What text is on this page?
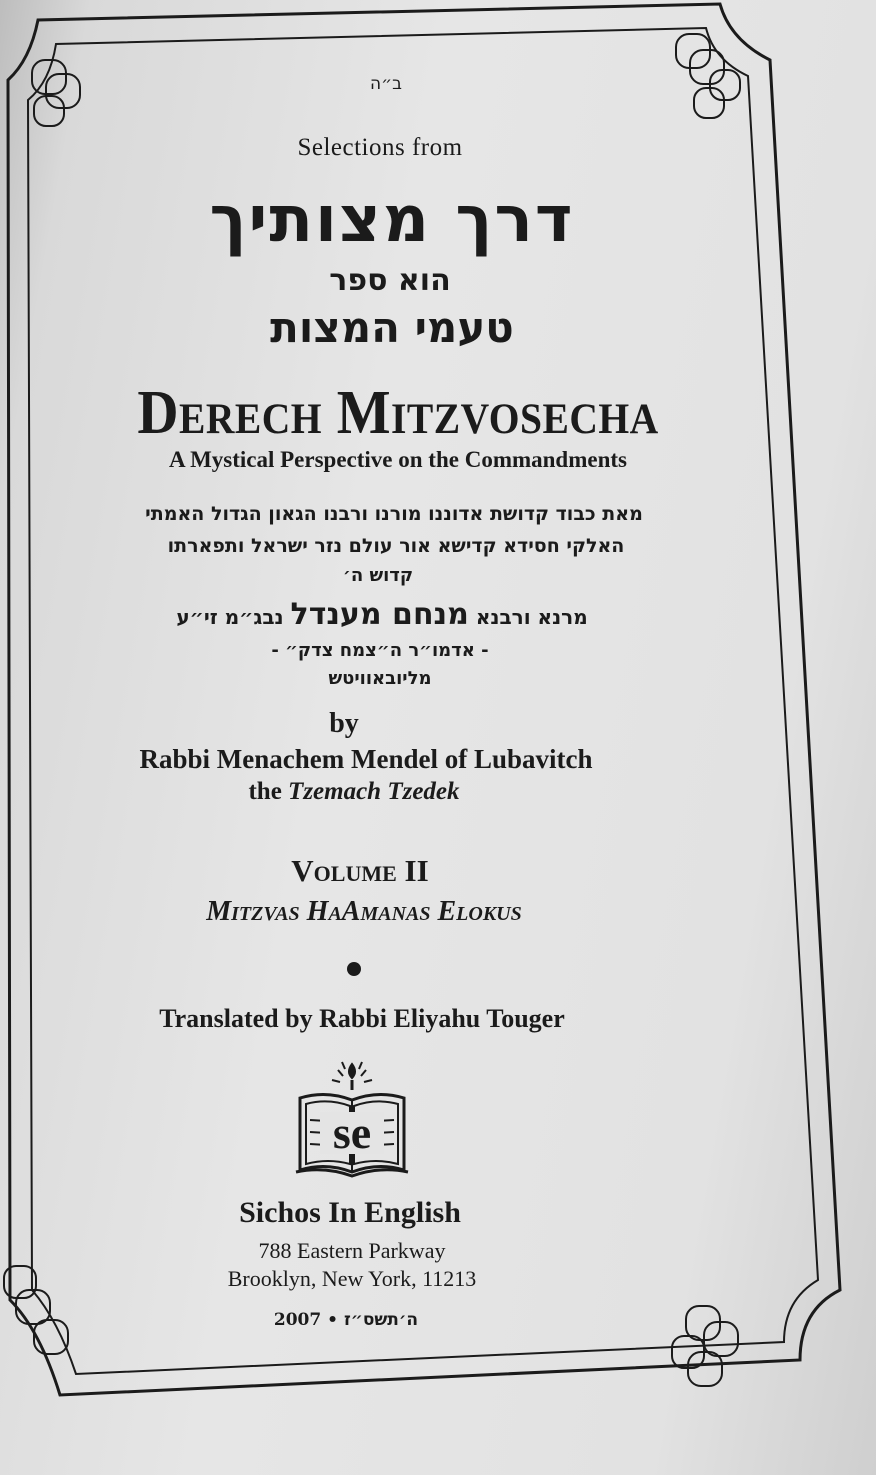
ב״ה
Selections from
דרך מצותיך
הוא ספר
טעמי המצות
Derech Mitzvosecha
A Mystical Perspective on the Commandments
מאת כבוד קדושת אדוננו מורנו ורבנו הגאון הגדול האמתי
האלקי חסידא קדישא אור עולם נזר ישראל ותפארתו
קדוש ה׳
מרנא ורבנא מנחם מענדל נבג״מ זי״ע
- אדמו״ר ה״צמח צדק״ -
מליובאוויטש
by
Rabbi Menachem Mendel of Lubavitch
the Tzemach Tzedek
Volume II
Mitzvas HaAmanas Elokus
Translated by Rabbi Eliyahu Touger
se
Sichos In English
788 Eastern Parkway
Brooklyn, New York, 11213
2007 • ה׳תשס״ז
